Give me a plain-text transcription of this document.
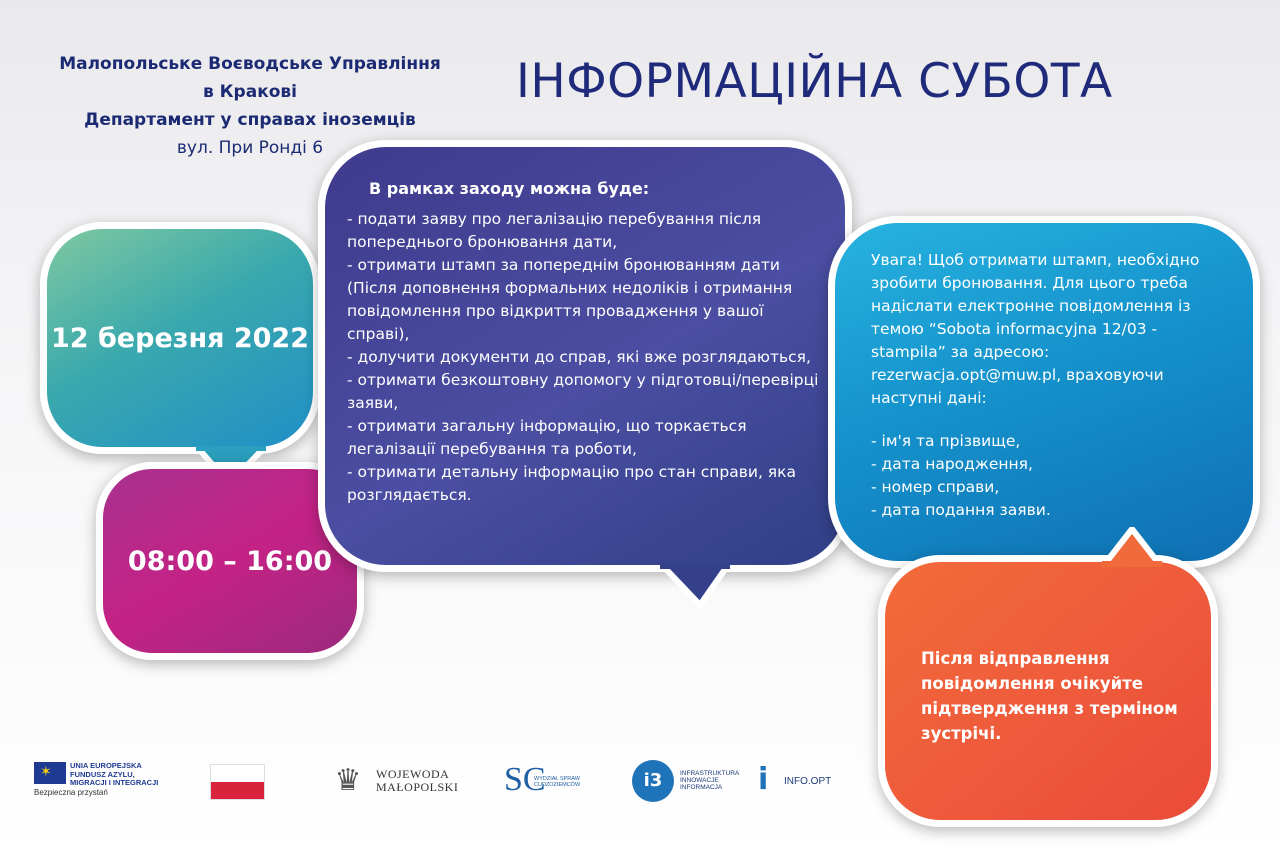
Малопольське Воєводське Управління
в Кракові
Департамент у справах іноземців
вул. При Ронді 6
ІНФОРМАЦІЙНА СУБОТА
12 березня 2022
08:00 – 16:00
В рамках заходу можна буде:
- подати заяву про легалізацію перебування після попереднього бронювання дати,
- отримати штамп за попереднім бронюванням дати (Після доповнення формальних недоліків і отримання повідомлення про відкриття провадження у вашої справі),
- долучити документи до справ, які вже розглядаються,
- отримати безкоштовну допомогу у підготовці/перевірці заяви,
- отримати загальну інформацію, що торкається легалізації перебування та роботи,
- отримати детальну інформацію про стан справи, яка розглядається.

Увага! Щоб отримати штамп, необхідно зробити бронювання. Для цього треба надіслати електронне повідомлення із темою “Sobota informacyjna 12/03 - stampila” за адресою: rezerwacja.opt@muw.pl, враховуючи наступні дані:

- ім'я та прізвище,
- дата народження,
- номер справи,
- дата подання заяви.
Після відправлення повідомлення очікуйте підтвердження з терміном зустрічі.
✶ UNIA EUROPEJSKA
FUNDUSZ AZYLU,
MIGRACJI I INTEGRACJI
Bezpieczna przystań	♛	WOJEWODA
MAŁOPOLSKI SC
WYDZIAŁ SPRAW
CUDZOZIEMCÓW	i3	INFRASTRUKTURA
INNOWACJE
INFORMACJA	i	INFO.OPT
